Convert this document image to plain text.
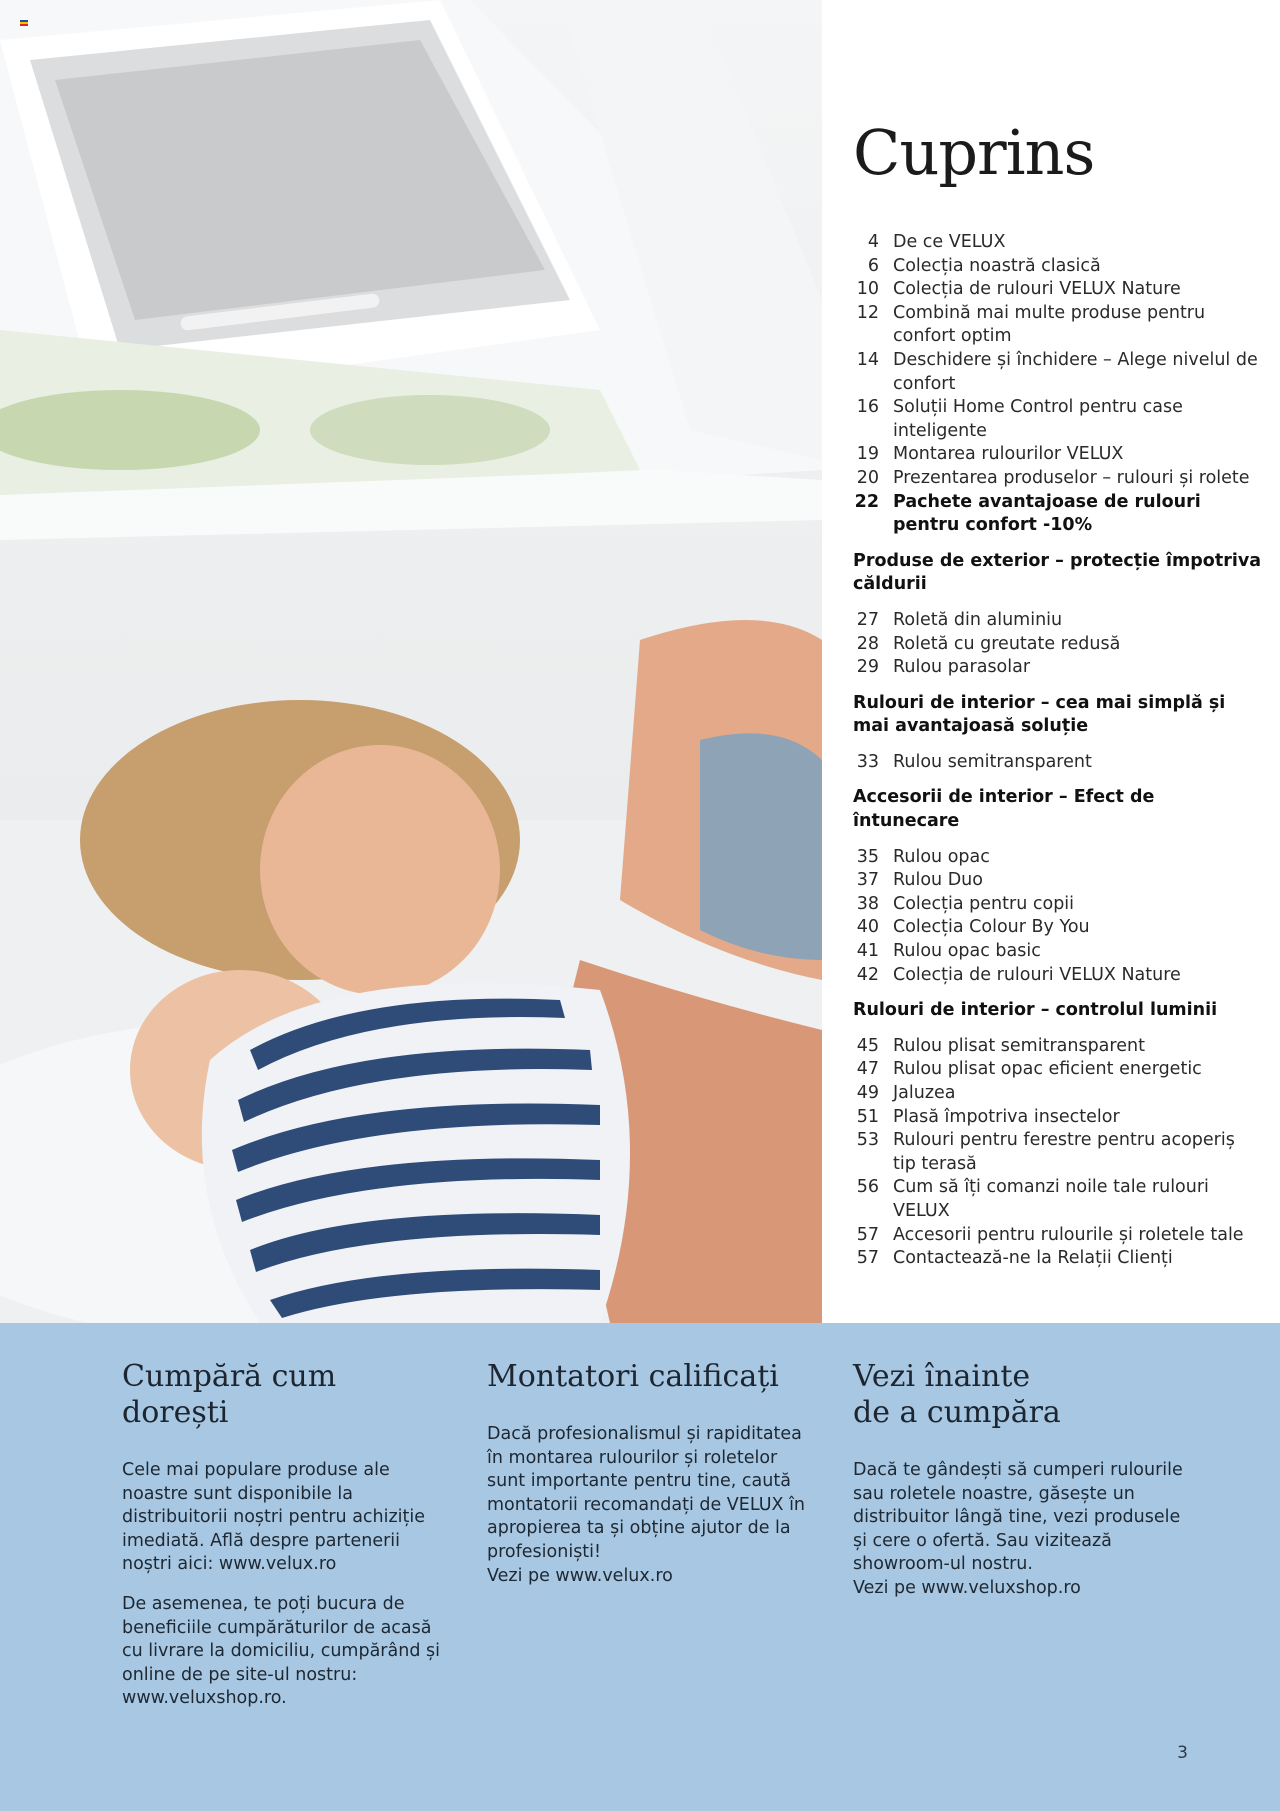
Cuprins
4 De ce VELUX
6 Colecția noastră clasică
10 Colecția de rulouri VELUX Nature
12 Combină mai multe produse pentru confort optim
14 Deschidere și închidere – Alege nivelul de confort
16 Soluții Home Control pentru case inteligente
19 Montarea rulourilor VELUX
20 Prezentarea produselor – rulouri și rolete
22 Pachete avantajoase de rulouri pentru confort -10%
Produse de exterior – protecție împotriva căldurii
27 Roletă din aluminiu
28 Roletă cu greutate redusă
29 Rulou parasolar
Rulouri de interior – cea mai simplă și mai avantajoasă soluție
33 Rulou semitransparent
Accesorii de interior – Efect de întunecare
35 Rulou opac
37 Rulou Duo
38 Colecția pentru copii
40 Colecția Colour By You
41 Rulou opac basic
42 Colecția de rulouri VELUX Nature
Rulouri de interior – controlul luminii
45 Rulou plisat semitransparent
47 Rulou plisat opac eficient energetic
49 Jaluzea
51 Plasă împotriva insectelor
53 Rulouri pentru ferestre pentru acoperiș tip terasă
56 Cum să îți comanzi noile tale rulouri VELUX
57 Accesorii pentru rulourile și roletele tale
57 Contactează-ne la Relații Clienți
Cumpără cum dorești

Cele mai populare produse ale noastre sunt disponibile la distribuitorii noștri pentru achiziție imediată. Află despre partenerii noștri aici: www.velux.ro

De asemenea, te poți bucura de beneficiile cumpărăturilor de acasă cu livrare la domiciliu, cumpărând și online de pe site-ul nostru: www.veluxshop.ro.

Montatori calificați

Dacă profesionalismul și rapiditatea în montarea rulourilor și roletelor sunt importante pentru tine, caută montatorii recomandați de VELUX în apropierea ta și obține ajutor de la profesioniști!

Vezi pe www.velux.ro

Vezi înainte
de a cumpăra

Dacă te gândești să cumperi rulourile sau roletele noastre, găsește un distribuitor lângă tine, vezi produsele și cere o ofertă. Sau vizitează showroom-ul nostru.

Vezi pe www.veluxshop.ro

3
